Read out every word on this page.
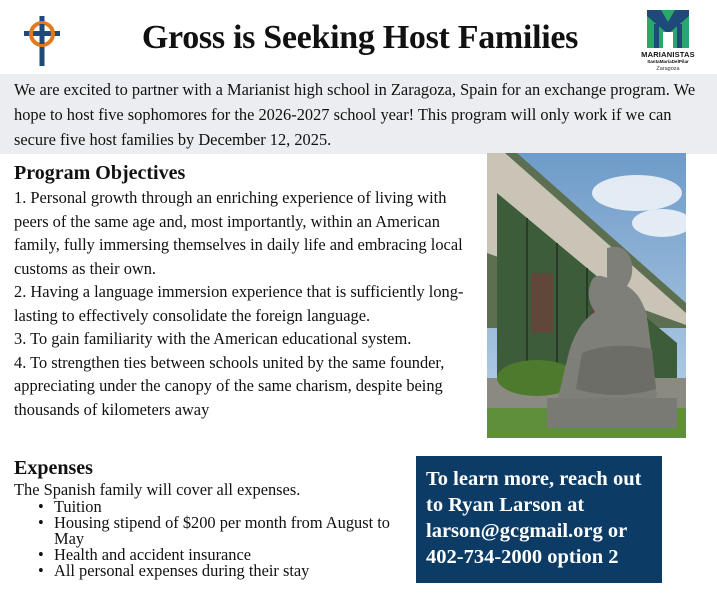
Gross is Seeking Host Families	MARIANISTAS
SantaMaríaDelPilar
Zaragoza

We are excited to partner with a Marianist high school in Zaragoza, Spain for an exchange program. We hope to host five sophomores for the 2026-2027 school year! This program will only work if we can secure five host families by December 12, 2025.

Program Objectives

1. Personal growth through an enriching experience of living with peers of the same age and, most importantly, within an American family, fully immersing themselves in daily life and embracing local customs as their own.

2. Having a language immersion experience that is sufficiently long-lasting to effectively consolidate the foreign language.

3. To gain familiarity with the American educational system.

4. To strengthen ties between schools united by the same founder, appreciating under the canopy of the same charism, despite being thousands of kilometers away

Expenses

The Spanish family will cover all expenses.

• Tuition
• Housing stipend of $200 per month from August to May
• Health and accident insurance
• All personal expenses during their stay

To learn more, reach out to Ryan Larson at larson@gcgmail.org or 402-734-2000 option 2
